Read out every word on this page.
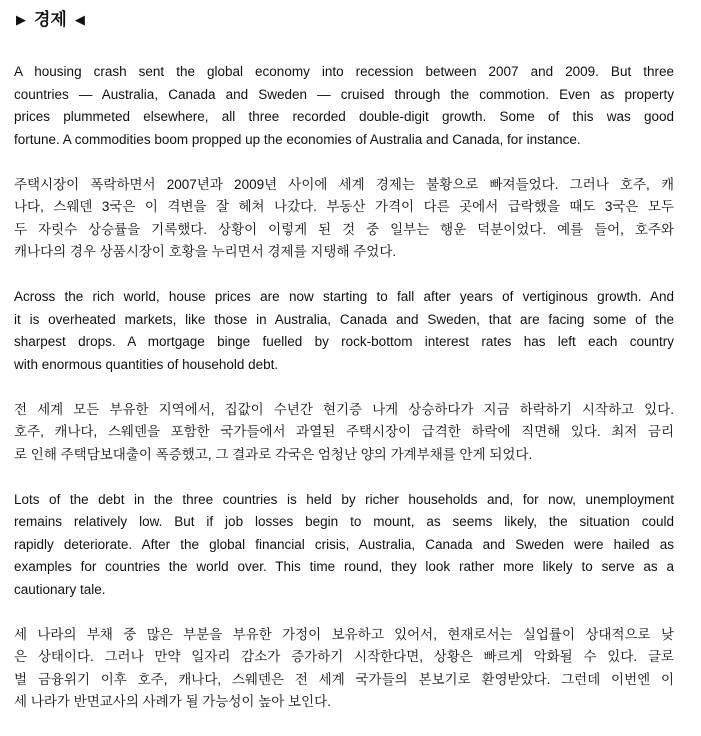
▶ 경제 ◀
A housing crash sent the global economy into recession between 2007 and 2009. But three
countries — Australia, Canada and Sweden — cruised through the commotion. Even as property
prices plummeted elsewhere, all three recorded double-digit growth. Some of this was good
fortune. A commodities boom propped up the economies of Australia and Canada, for instance.
주택시장이 폭락하면서 2007년과 2009년 사이에 세계 경제는 불황으로 빠져들었다. 그러나 호주, 캐
나다, 스웨덴 3국은 이 격변을 잘 헤쳐 나갔다. 부동산 가격이 다른 곳에서 급락했을 때도 3국은 모두
두 자릿수 상승률을 기록했다. 상황이 이렇게 된 것 중 일부는 행운 덕분이었다. 예를 들어, 호주와
캐나다의 경우 상품시장이 호황을 누리면서 경제를 지탱해 주었다.
Across the rich world, house prices are now starting to fall after years of vertiginous growth. And
it is overheated markets, like those in Australia, Canada and Sweden, that are facing some of the
sharpest drops. A mortgage binge fuelled by rock-bottom interest rates has left each country
with enormous quantities of household debt.
전 세계 모든 부유한 지역에서, 집값이 수년간 현기증 나게 상승하다가 지금 하락하기 시작하고 있다.
호주, 캐나다, 스웨덴을 포함한 국가들에서 과열된 주택시장이 급격한 하락에 직면해 있다. 최저 금리
로 인해 주택담보대출이 폭증했고, 그 결과로 각국은 엄청난 양의 가계부채를 안게 되었다.
Lots of the debt in the three countries is held by richer households and, for now, unemployment
remains relatively low. But if job losses begin to mount, as seems likely, the situation could
rapidly deteriorate. After the global financial crisis, Australia, Canada and Sweden were hailed as
examples for countries the world over. This time round, they look rather more likely to serve as a
cautionary tale.
세 나라의 부채 중 많은 부분을 부유한 가정이 보유하고 있어서, 현재로서는 실업률이 상대적으로 낮
은 상태이다. 그러나 만약 일자리 감소가 증가하기 시작한다면, 상황은 빠르게 악화될 수 있다. 글로
벌 금융위기 이후 호주, 캐나다, 스웨덴은 전 세계 국가들의 본보기로 환영받았다. 그런데 이번엔 이
세 나라가 반면교사의 사례가 될 가능성이 높아 보인다.
